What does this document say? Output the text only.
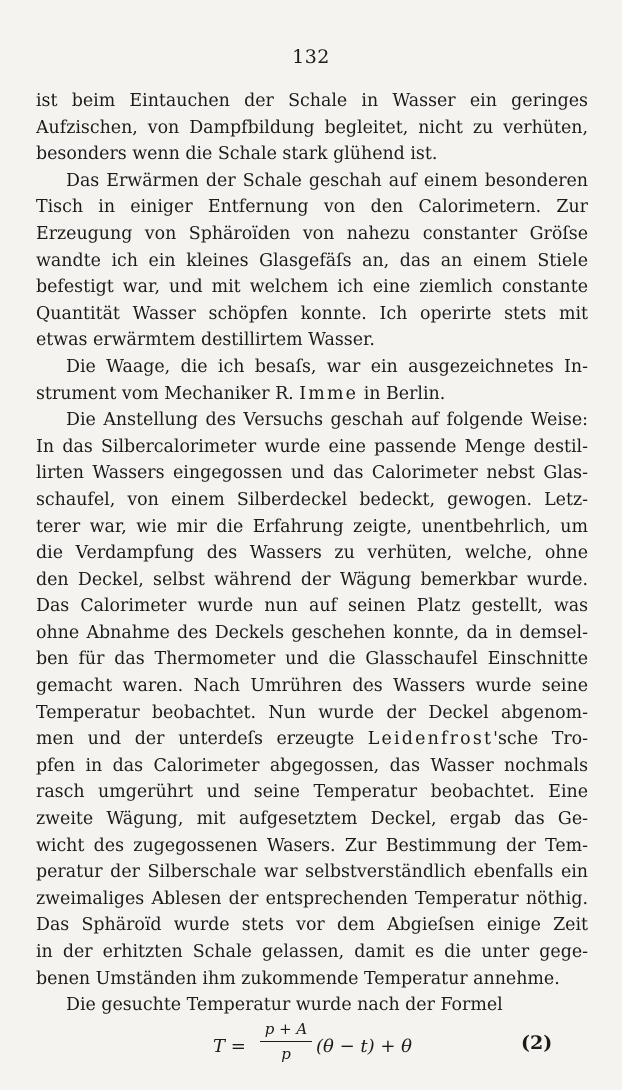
132
ist beim Eintauchen der Schale in Wasser ein geringes
Aufzischen, von Dampfbildung begleitet, nicht zu verhüten,
besonders wenn die Schale stark glühend ist.
Das Erwärmen der Schale geschah auf einem besonderen
Tisch in einiger Entfernung von den Calorimetern. Zur
Erzeugung von Sphäroïden von nahezu constanter Gröſse
wandte ich ein kleines Glasgefäſs an, das an einem Stiele
befestigt war, und mit welchem ich eine ziemlich constante
Quantität Wasser schöpfen konnte. Ich operirte stets mit
etwas erwärmtem destillirtem Wasser.
Die Waage, die ich besaſs, war ein ausgezeichnetes In-
strument vom Mechaniker R. Imme in Berlin.
Die Anstellung des Versuchs geschah auf folgende Weise:
In das Silbercalorimeter wurde eine passende Menge destil-
lirten Wassers eingegossen und das Calorimeter nebst Glas-
schaufel, von einem Silberdeckel bedeckt, gewogen. Letz-
terer war, wie mir die Erfahrung zeigte, unentbehrlich, um
die Verdampfung des Wassers zu verhüten, welche, ohne
den Deckel, selbst während der Wägung bemerkbar wurde.
Das Calorimeter wurde nun auf seinen Platz gestellt, was
ohne Abnahme des Deckels geschehen konnte, da in demsel-
ben für das Thermometer und die Glasschaufel Einschnitte
gemacht waren. Nach Umrühren des Wassers wurde seine
Temperatur beobachtet. Nun wurde der Deckel abgenom-
men und der unterdeſs erzeugte Leidenfrost'sche Tro-
pfen in das Calorimeter abgegossen, das Wasser nochmals
rasch umgerührt und seine Temperatur beobachtet. Eine
zweite Wägung, mit aufgesetztem Deckel, ergab das Ge-
wicht des zugegossenen Wasers. Zur Bestimmung der Tem-
peratur der Silberschale war selbstverständlich ebenfalls ein
zweimaliges Ablesen der entsprechenden Temperatur nöthig.
Das Sphäroïd wurde stets vor dem Abgieſsen einige Zeit
in der erhitzten Schale gelassen, damit es die unter gege-
benen Umständen ihm zukommende Temperatur annehme.
Die gesuchte Temperatur wurde nach der Formel
T =
p + A
p	(θ − t) + θ	(2)
